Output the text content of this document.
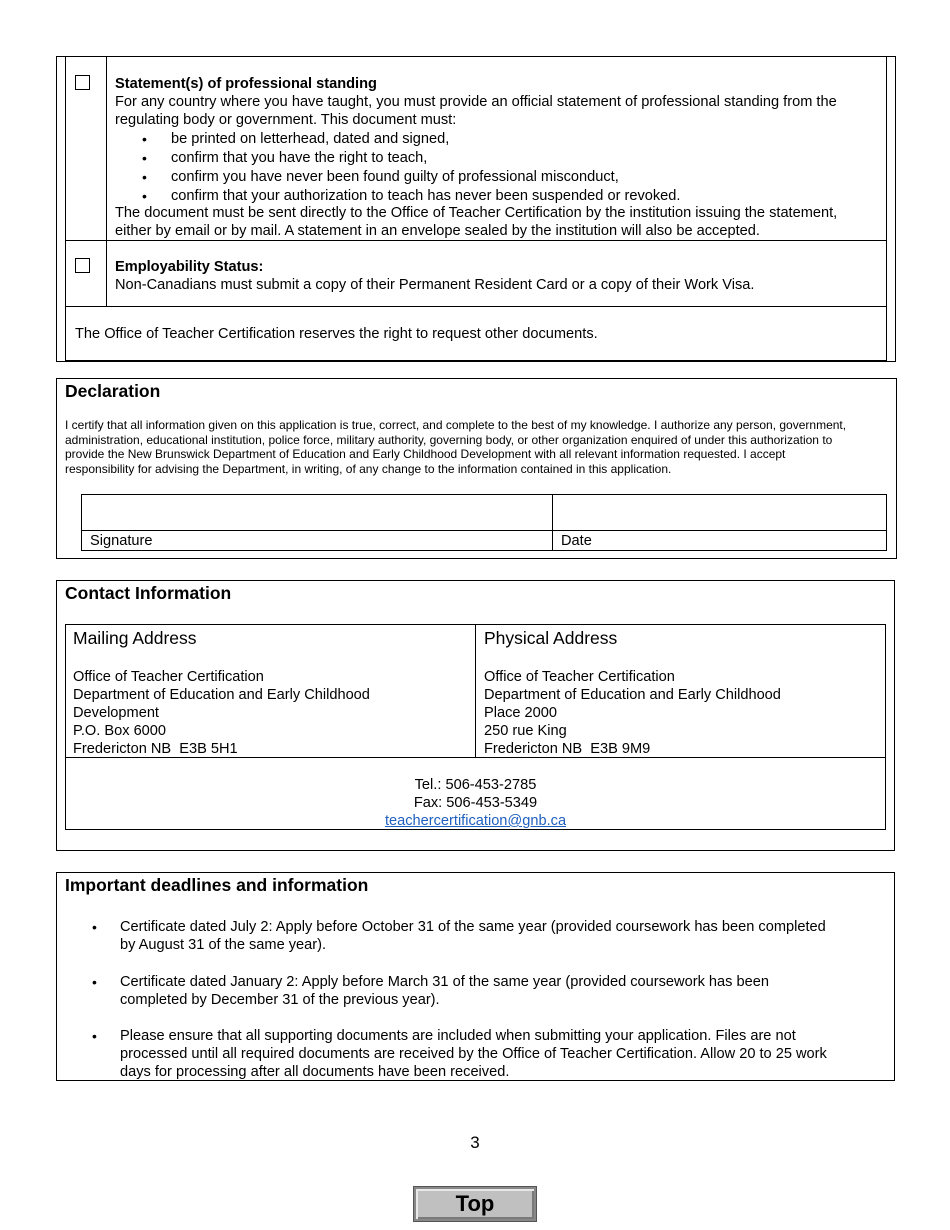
Statement(s) of professional standing
For any country where you have taught, you must provide an official statement of professional standing from the
regulating body or government. This document must:
• be printed on letterhead, dated and signed,
• confirm that you have the right to teach,
• confirm you have never been found guilty of professional misconduct,
• confirm that your authorization to teach has never been suspended or revoked.
The document must be sent directly to the Office of Teacher Certification by the institution issuing the statement,
either by email or by mail. A statement in an envelope sealed by the institution will also be accepted.
Employability Status:
Non-Canadians must submit a copy of their Permanent Resident Card or a copy of their Work Visa.
The Office of Teacher Certification reserves the right to request other documents.
Declaration
I certify that all information given on this application is true, correct, and complete to the best of my knowledge. I authorize any person, government,
administration, educational institution, police force, military authority, governing body, or other organization enquired of under this authorization to
provide the New Brunswick Department of Education and Early Childhood Development with all relevant information requested. I accept
responsibility for advising the Department, in writing, of any change to the information contained in this application.
Signature	Date
Contact Information
Mailing Address
Office of Teacher Certification
Department of Education and Early Childhood
Development
P.O. Box 6000
Fredericton NB  E3B 5H1
Physical Address
Office of Teacher Certification
Department of Education and Early Childhood
Place 2000
250 rue King
Fredericton NB  E3B 9M9
Tel.: 506-453-2785
Fax: 506-453-5349
teachercertification@gnb.ca
Important deadlines and information
• Certificate dated July 2: Apply before October 31 of the same year (provided coursework has been completed
by August 31 of the same year).
• Certificate dated January 2: Apply before March 31 of the same year (provided coursework has been
completed by December 31 of the previous year).
• Please ensure that all supporting documents are included when submitting your application. Files are not
processed until all required documents are received by the Office of Teacher Certification. Allow 20 to 25 work
days for processing after all documents have been received.
3
Top
